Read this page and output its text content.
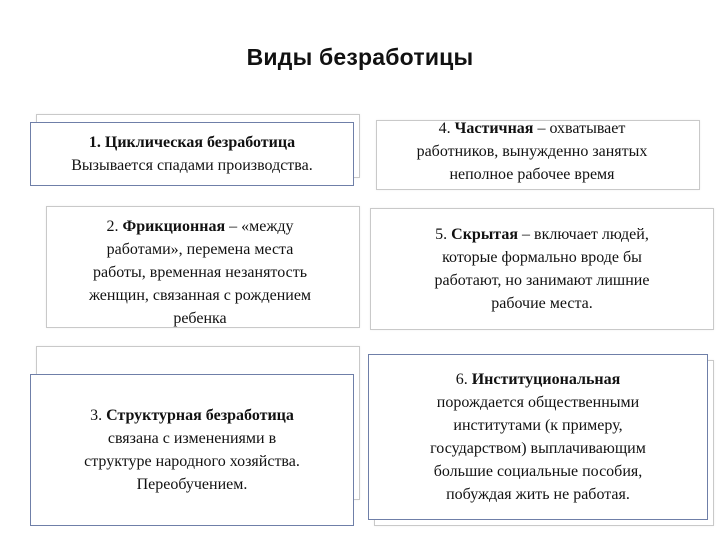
Виды безработицы

1. Циклическая безработица

Вызывается спадами производства.

2. Фрикционная – «между

работами», перемена места

работы, временная незанятость

женщин, связанная с рождением

ребенка

3. Структурная безработица

связана с изменениями в

структуре народного хозяйства.

Переобучением.

4. Частичная – охватывает

работников, вынужденно занятых

неполное рабочее время

5. Скрытая – включает людей,

которые формально вроде бы

работают, но занимают лишние

рабочие места.

6. Институциональная

порождается общественными

институтами (к примеру,

государством) выплачивающим

большие социальные пособия,

побуждая жить не работая.
